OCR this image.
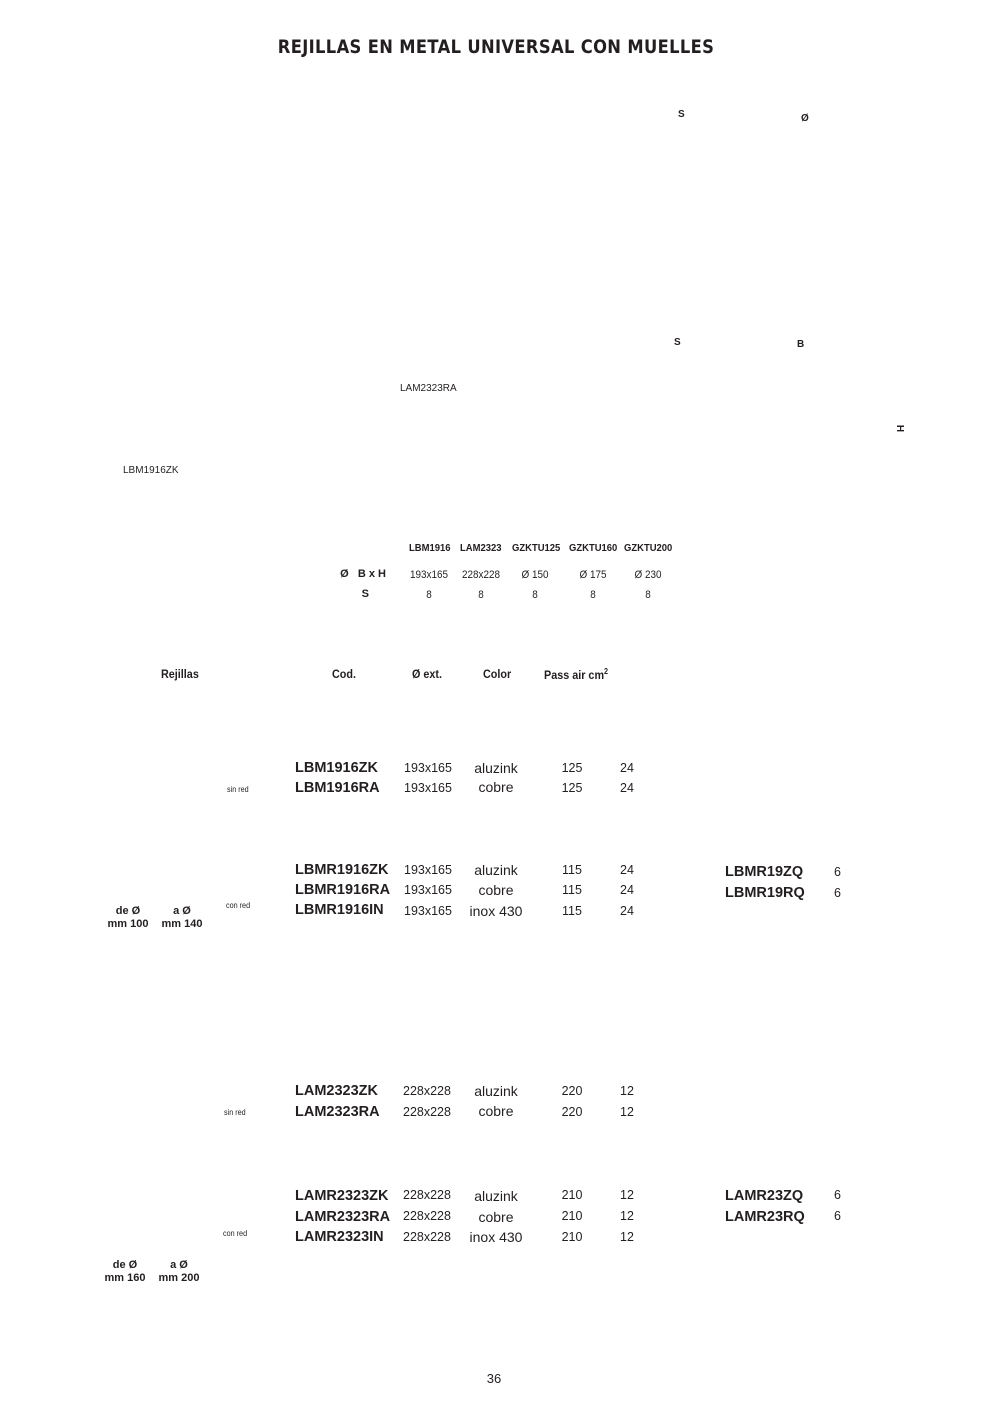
REJILLAS EN METAL UNIVERSAL CON MUELLES
S	Ø
S	B
H
LAM2323RA
LBM1916ZK
LBM1916 LAM2323 GZKTU125 GZKTU160 GZKTU200
Ø   B x H	193x165	228x228	Ø 150	Ø 175	Ø 230
S	8	8	8	8	8
Rejillas	Cod.	Ø ext.	Color	Pass air $cm^2$
sin red
LBM1916ZK 193x165	aluzink	125	24
LBM1916RA 193x165	cobre	125	24
con red
LBMR1916ZK 193x165	aluzink	115	24
LBMR1916RA 193x165	cobre	115	24
LBMR1916IN 193x165	inox 430	115	24
LBMR19ZQ 6
LBMR19RQ 6
de Ø
mm 100
a Ø
mm 140
sin red
LAM2323ZK 228x228	aluzink	220	12
LAM2323RA 228x228	cobre	220	12
con red
LAMR2323ZK 228x228	aluzink	210	12
LAMR2323RA 228x228	cobre	210	12
LAMR2323IN 228x228	inox 430	210	12
LAMR23ZQ 6
LAMR23RQ 6
de Ø
mm 160
a Ø
mm 200
36
